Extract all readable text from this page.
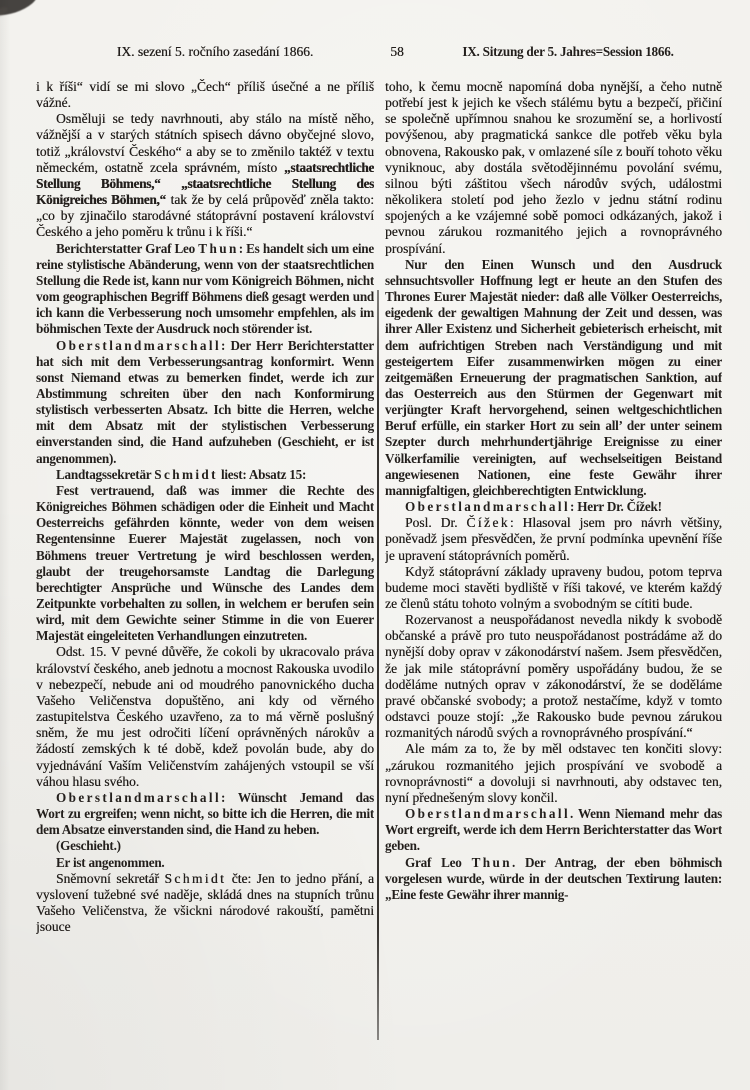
IX. sezení 5. ročního zasedání 1866.	58	IX. Sitzung der 5. Jahres=Session 1866.

i k říši“ vidí se mi slovo „Čech“ příliš úsečné a ne příliš vážné.

Osměluji se tedy navrhnouti, aby stálo na místě něho, vážnější a v starých státních spisech dávno obyčejné slovo, totiž „království Českého“ a aby se to změnilo taktéž v textu německém, ostatně zcela správném, místo „staatsrechtliche Stellung Böhmens,“ „staatsrechtliche Stellung des Königreiches Böhmen,“ tak že by celá průpověď zněla takto: „co by zjinačilo starodávné státoprávní postavení království Českého a jeho poměru k trůnu i k říši.“

Berichterstatter Graf Leo Thun: Es handelt sich um eine reine stylistische Abänderung, wenn von der staatsrechtlichen Stellung die Rede ist, kann nur vom Königreich Böhmen, nicht vom geographischen Begriff Böhmens dieß gesagt werden und ich kann die Verbesserung noch umsomehr empfehlen, als im böhmischen Texte der Ausdruck noch störender ist.

Oberstlandmarschall: Der Herr Berichterstatter hat sich mit dem Verbesserungsantrag konformirt. Wenn sonst Niemand etwas zu bemerken findet, werde ich zur Abstimmung schreiten über den nach Konformirung stylistisch verbesserten Absatz. Ich bitte die Herren, welche mit dem Absatz mit der stylistischen Verbesserung einverstanden sind, die Hand aufzuheben (Geschieht, er ist angenommen).

Landtagssekretär Schmidt liest: Absatz 15:

Fest vertrauend, daß was immer die Rechte des Königreiches Böhmen schädigen oder die Einheit und Macht Oesterreichs gefährden könnte, weder von dem weisen Regentensinne Euerer Majestät zugelassen, noch von Böhmens treuer Vertretung je wird beschlossen werden, glaubt der treugehorsamste Landtag die Darlegung berechtigter Ansprüche und Wünsche des Landes dem Zeitpunkte vorbehalten zu sollen, in welchem er berufen sein wird, mit dem Gewichte seiner Stimme in die von Euerer Majestät eingeleiteten Verhandlungen einzutreten.

Odst. 15. V pevné důvěře, že cokoli by ukracovalo práva království českého, aneb jednotu a mocnost Rakouska uvodilo v nebezpečí, nebude ani od moudrého panovnického ducha Vašeho Veličenstva dopuštěno, ani kdy od věrného zastupitelstva Českého uzavřeno, za to má věrně poslušný sněm, že mu jest odročiti líčení oprávněných nárokův a žádostí zemských k té době, kdež povolán bude, aby do vyjednávání Vaším Veličenstvím zahájených vstoupil se vší váhou hlasu svého.

Oberstlandmarschall: Wünscht Jemand das Wort zu ergreifen; wenn nicht, so bitte ich die Herren, die mit dem Absatze einverstanden sind, die Hand zu heben.

(Geschieht.)

Er ist angenommen.

Sněmovní sekretář Schmidt čte: Jen to jedno přání, a vyslovení tužebné své naděje, skládá dnes na stupních trůnu Vašeho Veličenstva, že všickni národové rakouští, pamětni jsouce

toho, k čemu mocně napomíná doba nynější, a čeho nutně potřebí jest k jejich ke všech stálému bytu a bezpečí, přičiní se společně upřímnou snahou ke srozumění se, a horlivostí povýšenou, aby pragmatická sankce dle potřeb věku byla obnovena, Rakousko pak, v omlazené síle z bouří tohoto věku vyniknouc, aby dostála světodějinnému povolání svému, silnou býti záštitou všech národův svých, událostmi několikera století pod jeho žezlo v jednu státní rodinu spojených a ke vzájemné sobě pomoci odkázaných, jakož i pevnou zárukou rozmanitého jejich a rovnoprávného prospívání.

Nur den Einen Wunsch und den Ausdruck sehnsuchtsvoller Hoffnung legt er heute an den Stufen des Thrones Eurer Majestät nieder: daß alle Völker Oesterreichs, eigedenk der gewaltigen Mahnung der Zeit und dessen, was ihrer Aller Existenz und Sicherheit gebieterisch erheischt, mit dem aufrichtigen Streben nach Verständigung und mit gesteigertem Eifer zusammenwirken mögen zu einer zeitgemäßen Erneuerung der pragmatischen Sanktion, auf das Oesterreich aus den Stürmen der Gegenwart mit verjüngter Kraft hervorgehend, seinen weltgeschichtlichen Beruf erfülle, ein starker Hort zu sein all’ der unter seinem Szepter durch mehrhundertjährige Ereignisse zu einer Völkerfamilie vereinigten, auf wechselseitigen Beistand angewiesenen Nationen, eine feste Gewähr ihrer mannigfaltigen, gleichberechtigten Entwicklung.

Oberstlandmarschall: Herr Dr. Čížek!

Posl. Dr. Čížek: Hlasoval jsem pro návrh většiny, poněvadž jsem přesvědčen, že první podmínka upevnění říše je upravení státoprávních poměrů.

Když státoprávní základy upraveny budou, potom teprva budeme moci stavěti bydliště v říši takové, ve kterém každý ze členů státu tohoto volným a svobodným se cítiti bude.

Rozervanost a neuspořádanost nevedla nikdy k svobodě občanské a právě pro tuto neuspořádanost postrádáme až do nynější doby oprav v zákonodárství našem. Jsem přesvědčen, že jak mile státoprávní poměry uspořádány budou, že se doděláme nutných oprav v zákonodárství, že se doděláme pravé občanské svobody; a protož nestačíme, když v tomto odstavci pouze stojí: „že Rakousko bude pevnou zárukou rozmanitých národů svých a rovnoprávného prospívání.“

Ale mám za to, že by měl odstavec ten končiti slovy: „zárukou rozmanitého jejich prospívání ve svobodě a rovnoprávnosti“ a dovoluji si navrhnouti, aby odstavec ten, nyní přednešeným slovy končil.

Oberstlandmarschall. Wenn Niemand mehr das Wort ergreift, werde ich dem Herrn Berichterstatter das Wort geben.

Graf Leo Thun. Der Antrag, der eben böhmisch vorgelesen wurde, würde in der deutschen Textirung lauten: „Eine feste Gewähr ihrer mannig-
